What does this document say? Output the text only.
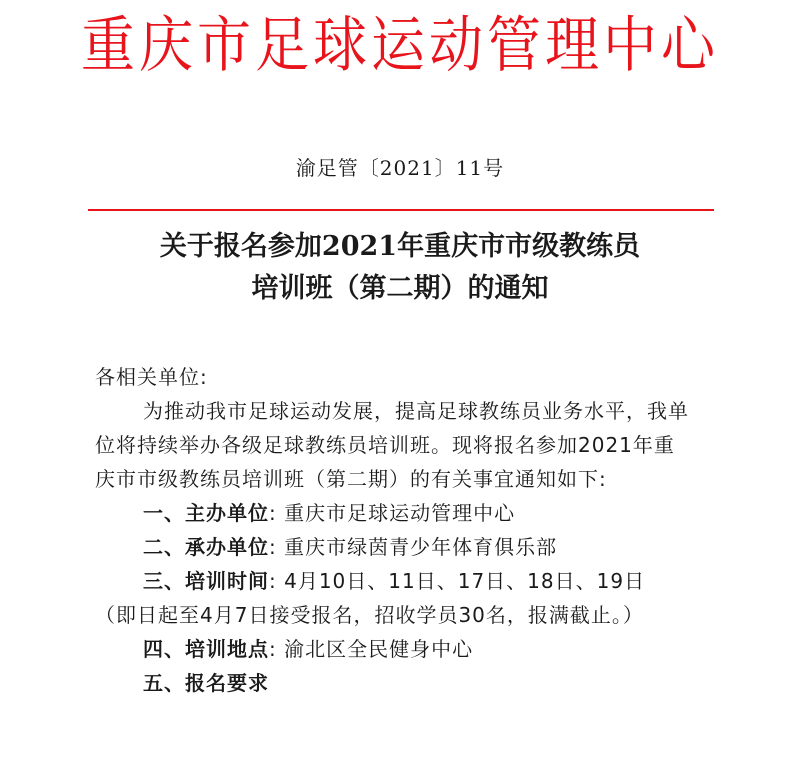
重庆市足球运动管理中心
渝足管〔2021〕11号
关于报名参加2021年重庆市市级教练员
培训班（第二期）的通知
各相关单位:
为推动我市足球运动发展，提高足球教练员业务水平，我单
位将持续举办各级足球教练员培训班。现将报名参加2021年重
庆市市级教练员培训班（第二期）的有关事宜通知如下:
一、主办单位: 重庆市足球运动管理中心
二、承办单位: 重庆市绿茵青少年体育俱乐部
三、培训时间: 4月10日、11日、17日、18日、19日
（即日起至4月7日接受报名，招收学员30名，报满截止。）
四、培训地点: 渝北区全民健身中心
五、报名要求
